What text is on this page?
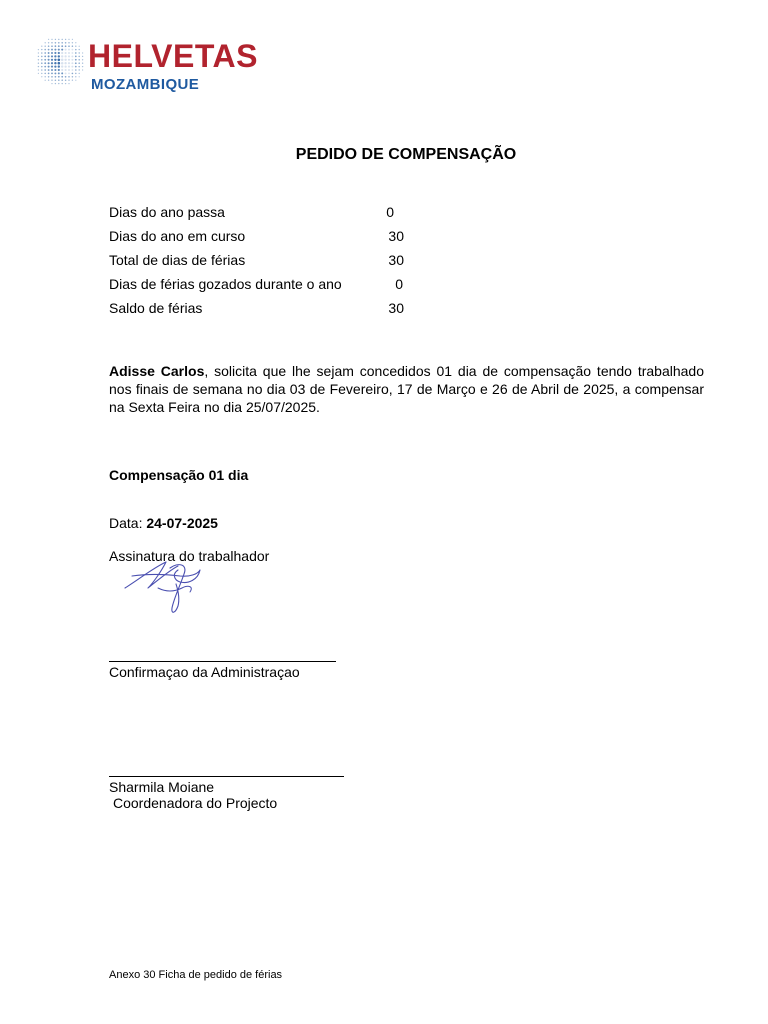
HELVETAS
MOZAMBIQUE
PEDIDO DE COMPENSAÇÃO
Dias do ano passa	0
Dias do ano em curso	30
Total de dias de férias	30
Dias de férias gozados durante o ano	0
Saldo de férias	30
Adisse Carlos, solicita que lhe sejam concedidos 01 dia de compensação tendo trabalhado nos finais de semana no dia 03 de Fevereiro, 17 de Março e 26 de Abril de 2025, a compensar na Sexta Feira no dia 25/07/2025.
Compensação 01 dia
Data: 24-07-2025
Assinatura do trabalhador
Confirmaçao da Administraçao
Sharmila Moiane
Coordenadora do Projecto
Anexo 30 Ficha de pedido de férias
